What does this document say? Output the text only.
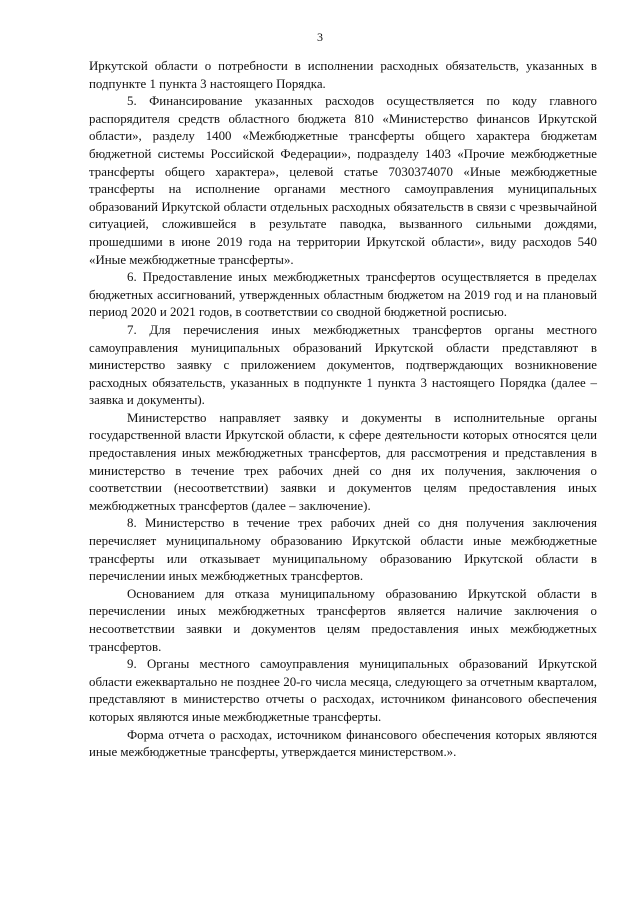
3

Иркутской области о потребности в исполнении расходных обязательств, указанных в подпункте 1 пункта 3 настоящего Порядка.

5. Финансирование указанных расходов осуществляется по коду главного распорядителя средств областного бюджета 810 «Министерство финансов Иркутской области», разделу 1400 «Межбюджетные трансферты общего характера бюджетам бюджетной системы Российской Федерации», подразделу 1403 «Прочие межбюджетные трансферты общего характера», целевой статье 7030374070 «Иные межбюджетные трансферты на исполнение органами местного самоуправления муниципальных образований Иркутской области отдельных расходных обязательств в связи с чрезвычайной ситуацией, сложившейся в результате паводка, вызванного сильными дождями, прошедшими в июне 2019 года на территории Иркутской области», виду расходов 540 «Иные межбюджетные трансферты».

6. Предоставление иных межбюджетных трансфертов осуществляется в пределах бюджетных ассигнований, утвержденных областным бюджетом на 2019 год и на плановый период 2020 и 2021 годов, в соответствии со сводной бюджетной росписью.

7. Для перечисления иных межбюджетных трансфертов органы местного самоуправления муниципальных образований Иркутской области представляют в министерство заявку с приложением документов, подтверждающих возникновение расходных обязательств, указанных в подпункте 1 пункта 3 настоящего Порядка (далее – заявка и документы).

Министерство направляет заявку и документы в исполнительные органы государственной власти Иркутской области, к сфере деятельности которых относятся цели предоставления иных межбюджетных трансфертов, для рассмотрения и представления в министерство в течение трех рабочих дней со дня их получения, заключения о соответствии (несоответствии) заявки и документов целям предоставления иных межбюджетных трансфертов (далее – заключение).

8. Министерство в течение трех рабочих дней со дня получения заключения перечисляет муниципальному образованию Иркутской области иные межбюджетные трансферты или отказывает муниципальному образованию Иркутской области в перечислении иных межбюджетных трансфертов.

Основанием для отказа муниципальному образованию Иркутской области в перечислении иных межбюджетных трансфертов является наличие заключения о несоответствии заявки и документов целям предоставления иных межбюджетных трансфертов.

9. Органы местного самоуправления муниципальных образований Иркутской области ежеквартально не позднее 20-го числа месяца, следующего за отчетным кварталом, представляют в министерство отчеты о расходах, источником финансового обеспечения которых являются иные межбюджетные трансферты.

Форма отчета о расходах, источником финансового обеспечения которых являются иные межбюджетные трансферты, утверждается министерством.».
